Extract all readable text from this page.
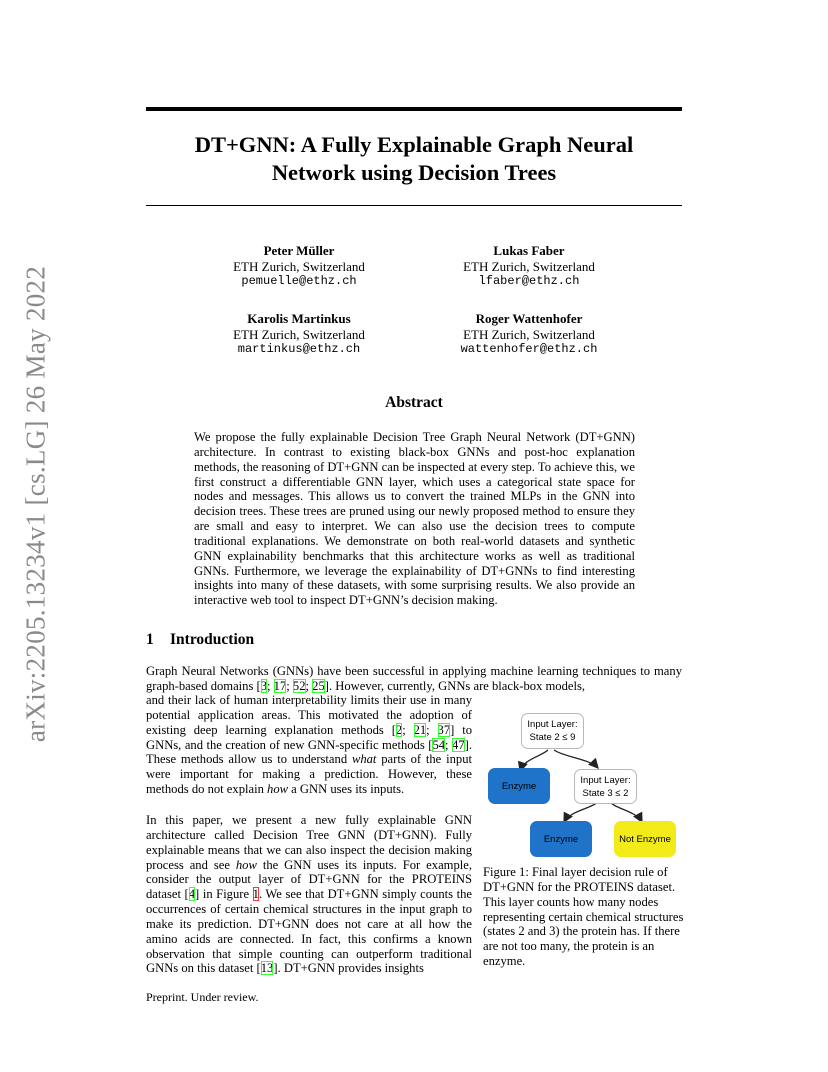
arXiv:2205.13234v1 [cs.LG] 26 May 2022
DT+GNN: A Fully Explainable Graph Neural
Network using Decision Trees
Peter Müller
ETH Zurich, Switzerland
pemuelle@ethz.ch
Lukas Faber
ETH Zurich, Switzerland
lfaber@ethz.ch
Karolis Martinkus
ETH Zurich, Switzerland
martinkus@ethz.ch
Roger Wattenhofer
ETH Zurich, Switzerland
wattenhofer@ethz.ch
Abstract
We propose the fully explainable Decision Tree Graph Neural Network (DT+GNN) architecture. In contrast to existing black-box GNNs and post-hoc explanation methods, the reasoning of DT+GNN can be inspected at every step. To achieve this, we first construct a differentiable GNN layer, which uses a categorical state space for nodes and messages. This allows us to convert the trained MLPs in the GNN into decision trees. These trees are pruned using our newly proposed method to ensure they are small and easy to interpret. We can also use the decision trees to compute traditional explanations. We demonstrate on both real-world datasets and synthetic GNN explainability benchmarks that this architecture works as well as traditional GNNs. Furthermore, we leverage the explainability of DT+GNNs to find interesting insights into many of these datasets, with some surprising results. We also provide an interactive web tool to inspect DT+GNN’s decision making.
1 Introduction
Graph Neural Networks (GNNs) have been successful in applying machine learning techniques to many graph-based domains [3; 17; 52; 25]. However, currently, GNNs are black-box models,
and their lack of human interpretability limits their use in many potential application areas. This motivated the adoption of existing deep learning explanation methods [2; 21; 37] to GNNs, and the creation of new GNN-specific methods [54; 47]. These methods allow us to understand what parts of the input were important for making a prediction. However, these methods do not explain how a GNN uses its inputs.
In this paper, we present a new fully explainable GNN architecture called Decision Tree GNN (DT+GNN). Fully explainable means that we can also inspect the decision making process and see how the GNN uses its inputs. For example, consider the output layer of DT+GNN for the PROTEINS dataset [4] in Figure 1. We see that DT+GNN simply counts the occurrences of certain chemical structures in the input graph to make its prediction. DT+GNN does not care at all how the amino acids are connected. In fact, this confirms a known observation that simple counting can outperform traditional GNNs on this dataset [13]. DT+GNN provides insights
Input Layer:
State 2 ≤ 9
Enzyme
Input Layer:
State 3 ≤ 2
Enzyme	Not Enzyme
Figure 1: Final layer decision rule of DT+GNN for the PROTEINS dataset. This layer counts how many nodes representing certain chemical structures (states 2 and 3) the protein has. If there are not too many, the protein is an enzyme.
Preprint. Under review.
